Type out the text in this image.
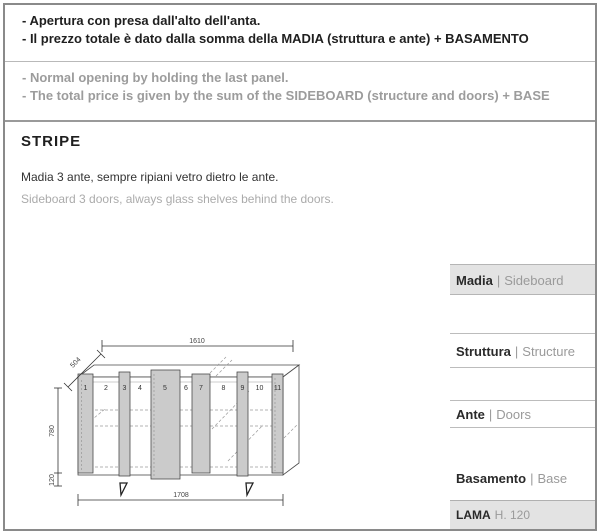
- Apertura con presa dall'alto dell'anta.
- Il prezzo totale è dato dalla somma della MADIA (struttura e ante) + BASAMENTO
- Normal opening by holding the last panel.
- The total price is given by the sum of the SIDEBOARD (structure and doors) + BASE
STRIPE
Madia 3 ante, sempre ripiani vetro dietro le ante.
Sideboard 3 doors, always glass shelves behind the doors.
1 2 3 4	5 6 7	8 9 10 11
1610
504
780
120
1708
Madia | Sideboard
Struttura | Structure
Ante | Doors
Basamento | Base
LAMA H. 120
